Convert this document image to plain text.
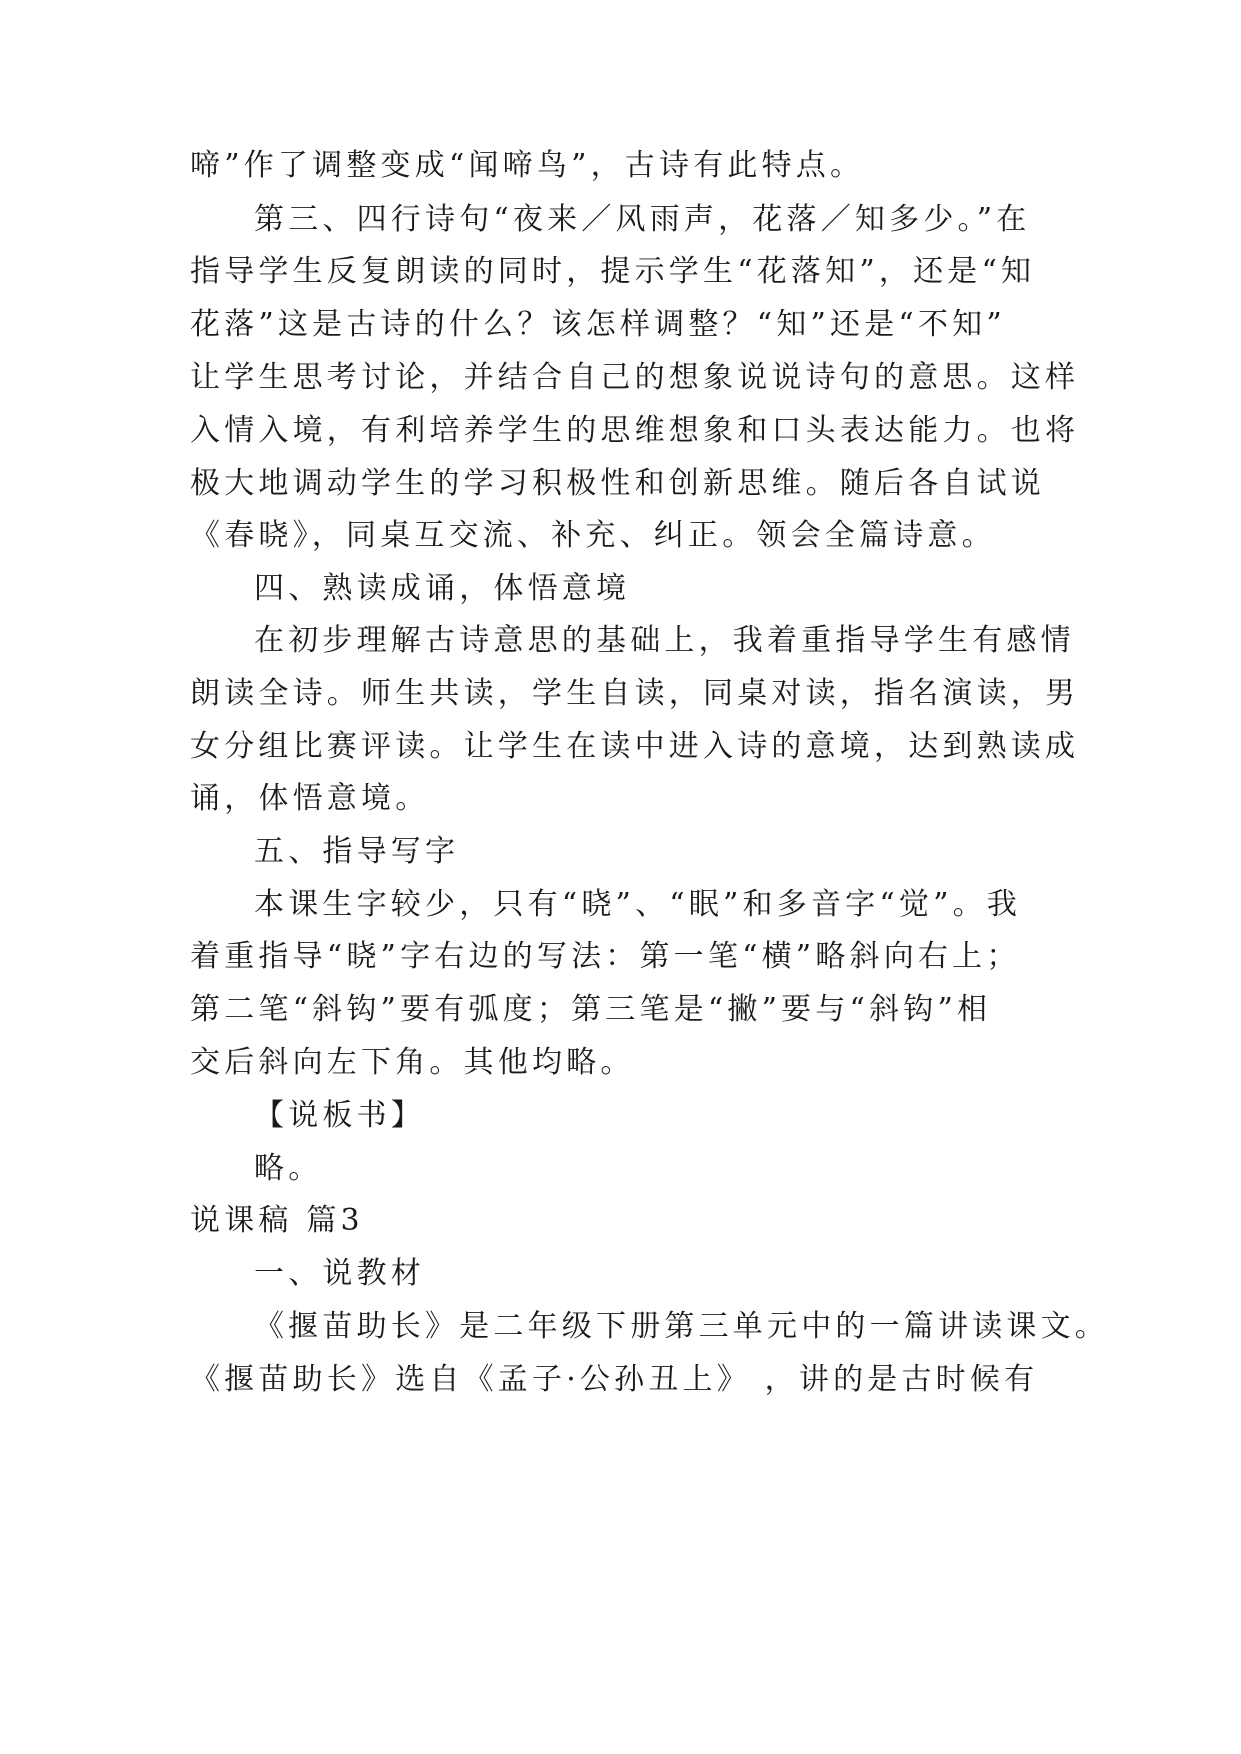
啼”作了调整变成“闻啼鸟”，古诗有此特点。
第三、四行诗句“夜来／风雨声，花落／知多少。”在
指导学生反复朗读的同时，提示学生“花落知”，还是“知
花落”这是古诗的什么？该怎样调整？“知”还是“不知”
让学生思考讨论，并结合自己的想象说说诗句的意思。这样
入情入境，有利培养学生的思维想象和口头表达能力。也将
极大地调动学生的学习积极性和创新思维。随后各自试说
《春晓》，同桌互交流、补充、纠正。领会全篇诗意。
四、熟读成诵，体悟意境
在初步理解古诗意思的基础上，我着重指导学生有感情
朗读全诗。师生共读，学生自读，同桌对读，指名演读，男
女分组比赛评读。让学生在读中进入诗的意境，达到熟读成
诵，体悟意境。
五、指导写字
本课生字较少，只有“晓”、“眠”和多音字“觉”。我
着重指导“晓”字右边的写法：第一笔“横”略斜向右上；
第二笔“斜钩”要有弧度；第三笔是“撇”要与“斜钩”相
交后斜向左下角。其他均略。
【说板书】
略。
说课稿 篇3
一、说教材
《揠苗助长》是二年级下册第三单元中的一篇讲读课文。
《揠苗助长》选自《孟子·公孙丑上》 ，讲的是古时候有
